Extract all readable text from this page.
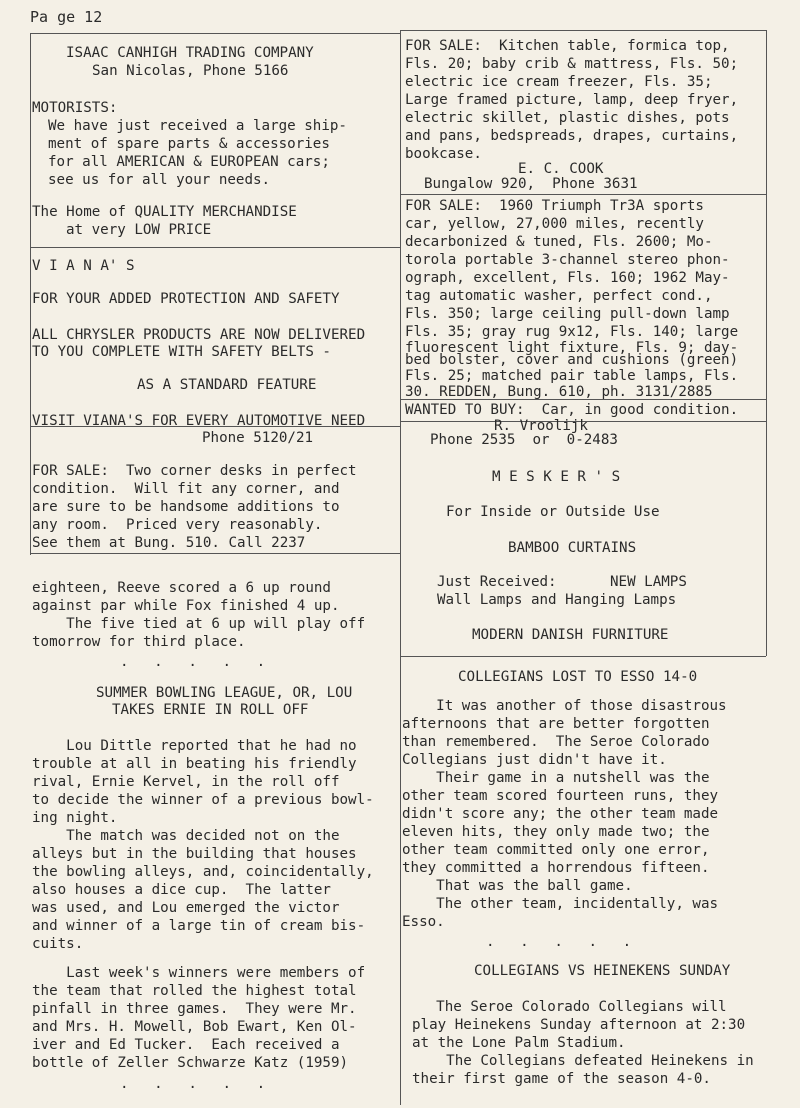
Pa ge 12
ISAAC CANHIGH TRADING COMPANY
San Nicolas, Phone 5166
MOTORISTS:
We have just received a large ship-
ment of spare parts & accessories
for all AMERICAN & EUROPEAN cars;
see us for all your needs.
The Home of QUALITY MERCHANDISE
at very LOW PRICE
V I A N A' S
FOR YOUR ADDED PROTECTION AND SAFETY
ALL CHRYSLER PRODUCTS ARE NOW DELIVERED
TO YOU COMPLETE WITH SAFETY BELTS -
AS A STANDARD FEATURE
VISIT VIANA'S FOR EVERY AUTOMOTIVE NEED
Phone 5120/21
FOR SALE:  Two corner desks in perfect
condition.  Will fit any corner, and
are sure to be handsome additions to
any room.  Priced very reasonably.
See them at Bung. 510. Call 2237
eighteen, Reeve scored a 6 up round
against par while Fox finished 4 up.
The five tied at 6 up will play off
tomorrow for third place.
.   .   .   .   .
SUMMER BOWLING LEAGUE, OR, LOU
TAKES ERNIE IN ROLL OFF
Lou Dittle reported that he had no
trouble at all in beating his friendly
rival, Ernie Kervel, in the roll off
to decide the winner of a previous bowl-
ing night.
The match was decided not on the
alleys but in the building that houses
the bowling alleys, and, coincidentally,
also houses a dice cup.  The latter
was used, and Lou emerged the victor
and winner of a large tin of cream bis-
cuits.
Last week's winners were members of
the team that rolled the highest total
pinfall in three games.  They were Mr.
and Mrs. H. Mowell, Bob Ewart, Ken Ol-
iver and Ed Tucker.  Each received a
bottle of Zeller Schwarze Katz (1959)
.   .   .   .   .
FOR SALE:  Kitchen table, formica top,
Fls. 20; baby crib & mattress, Fls. 50;
electric ice cream freezer, Fls. 35;
Large framed picture, lamp, deep fryer,
electric skillet, plastic dishes, pots
and pans, bedspreads, drapes, curtains,
bookcase.
E. C. COOK
Bungalow 920,  Phone 3631
FOR SALE:  1960 Triumph Tr3A sports
car, yellow, 27,000 miles, recently
decarbonized & tuned, Fls. 2600; Mo-
torola portable 3-channel stereo phon-
ograph, excellent, Fls. 160; 1962 May-
tag automatic washer, perfect cond.,
Fls. 350; large ceiling pull-down lamp
Fls. 35; gray rug 9x12, Fls. 140; large
fluorescent light fixture, Fls. 9; day-
bed bolster, cover and cushions (green)
Fls. 25; matched pair table lamps, Fls.
30. REDDEN, Bung. 610, ph. 3131/2885
WANTED TO BUY:  Car, in good condition.
R. Vroolijk
Phone 2535  or  0-2483
M E S K E R ' S
For Inside or Outside Use
BAMBOO CURTAINS
Just Received:	NEW LAMPS
Wall Lamps and Hanging Lamps
MODERN DANISH FURNITURE
COLLEGIANS LOST TO ESSO 14-0
It was another of those disastrous
afternoons that are better forgotten
than remembered.  The Seroe Colorado
Collegians just didn't have it.
Their game in a nutshell was the
other team scored fourteen runs, they
didn't score any; the other team made
eleven hits, they only made two; the
other team committed only one error,
they committed a horrendous fifteen.
That was the ball game.
The other team, incidentally, was
Esso.
.   .   .   .   .
COLLEGIANS VS HEINEKENS SUNDAY
The Seroe Colorado Collegians will
play Heinekens Sunday afternoon at 2:30
at the Lone Palm Stadium.
The Collegians defeated Heinekens in
their first game of the season 4-0.
